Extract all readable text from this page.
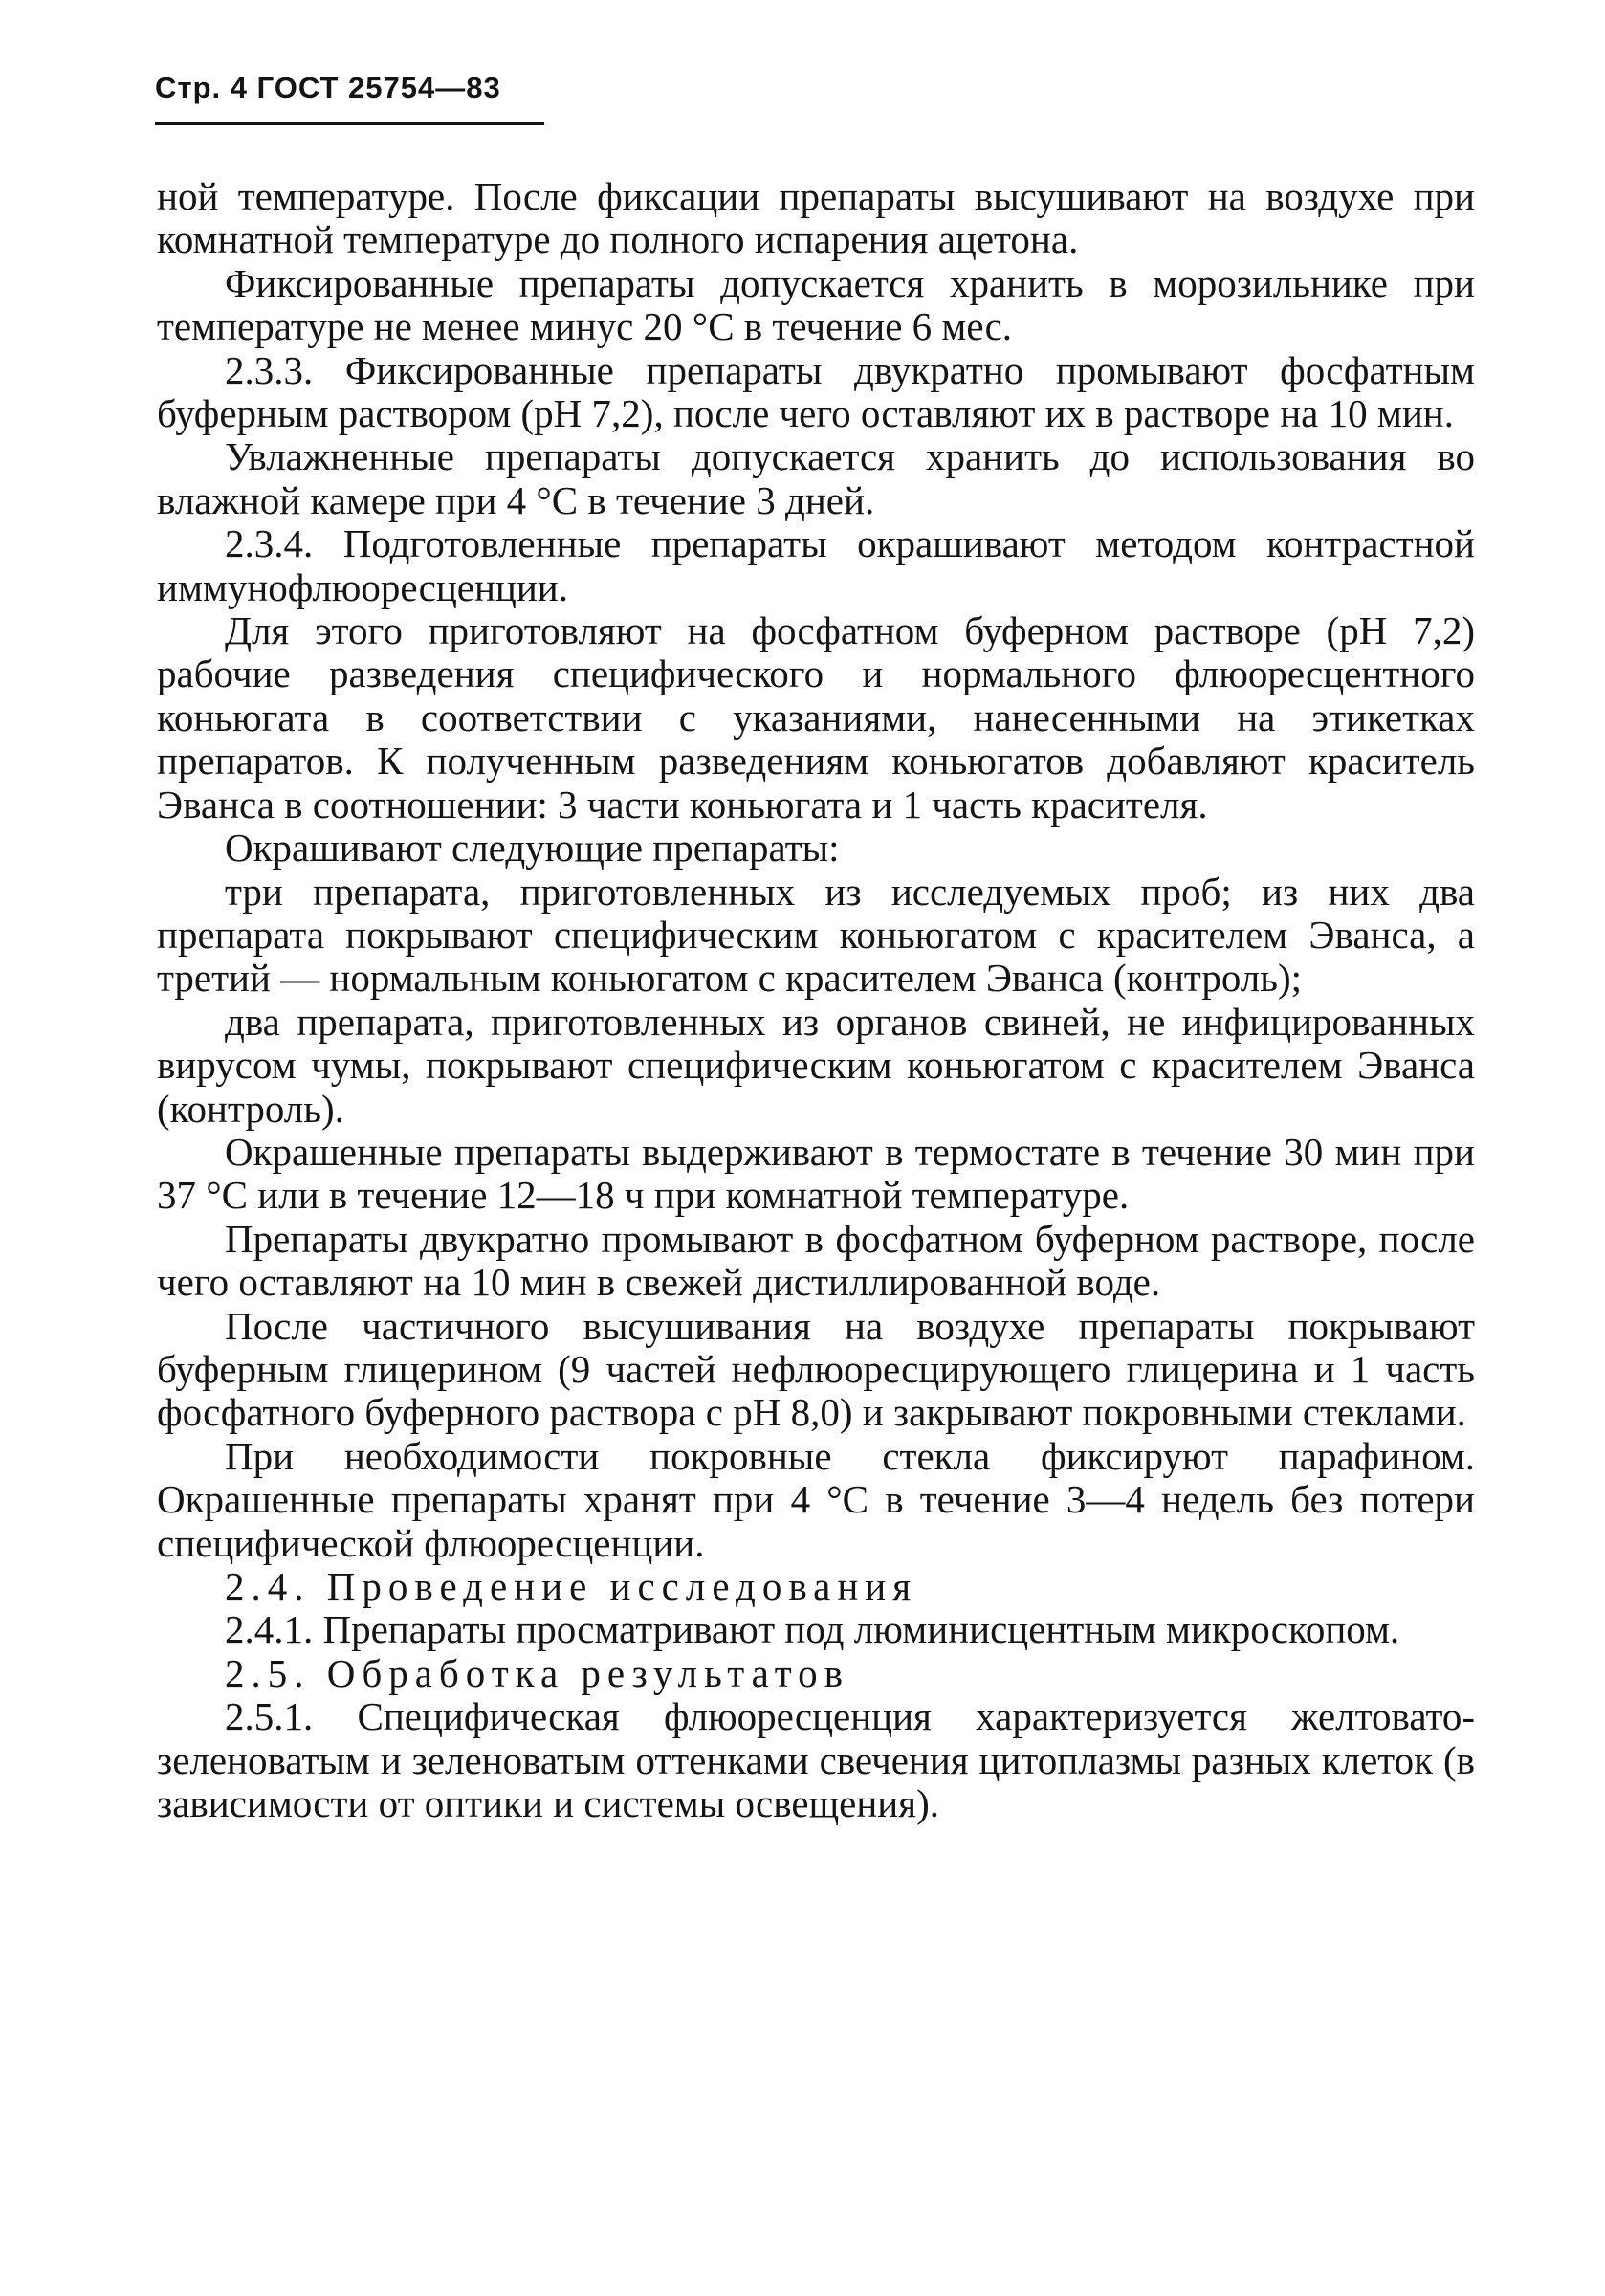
Стр. 4 ГОСТ 25754—83

ной температуре. После фиксации препараты высушивают на воздухе при комнатной температуре до полного испарения ацетона.

Фиксированные препараты допускается хранить в морозильнике при температуре не менее минус 20 °С в течение 6 мес.

2.3.3. Фиксированные препараты двукратно промывают фосфатным буферным раствором (рН 7,2), после чего оставляют их в растворе на 10 мин.

Увлажненные препараты допускается хранить до использования во влажной камере при 4 °С в течение 3 дней.

2.3.4. Подготовленные препараты окрашивают методом контрастной иммунофлюоресценции.

Для этого приготовляют на фосфатном буферном растворе (рН 7,2) рабочие разведения специфического и нормального флюоресцентного коньюгата в соответствии с указаниями, нанесенными на этикетках препаратов. К полученным разведениям коньюгатов добавляют краситель Эванса в соотношении: 3 части коньюгата и 1 часть красителя.

Окрашивают следующие препараты:

три препарата, приготовленных из исследуемых проб; из них два препарата покрывают специфическим коньюгатом с красителем Эванса, а третий — нормальным коньюгатом с красителем Эванса (контроль);

два препарата, приготовленных из органов свиней, не инфицированных вирусом чумы, покрывают специфическим коньюгатом с красителем Эванса (контроль).

Окрашенные препараты выдерживают в термостате в течение 30 мин при 37 °С или в течение 12—18 ч при комнатной температуре.

Препараты двукратно промывают в фосфатном буферном растворе, после чего оставляют на 10 мин в свежей дистиллированной воде.

После частичного высушивания на воздухе препараты покрывают буферным глицерином (9 частей нефлюоресцирующего глицерина и 1 часть фосфатного буферного раствора с рН 8,0) и закрывают покровными стеклами.

При необходимости покровные стекла фиксируют парафином. Окрашенные препараты хранят при 4 °С в течение 3—4 недель без потери специфической флюоресценции.

2.4. Проведение исследования

2.4.1. Препараты просматривают под люминисцентным микроскопом.

2.5. Обработка результатов

2.5.1. Специфическая флюоресценция характеризуется желтовато-зеленоватым и зеленоватым оттенками свечения цитоплазмы разных клеток (в зависимости от оптики и системы освещения).
